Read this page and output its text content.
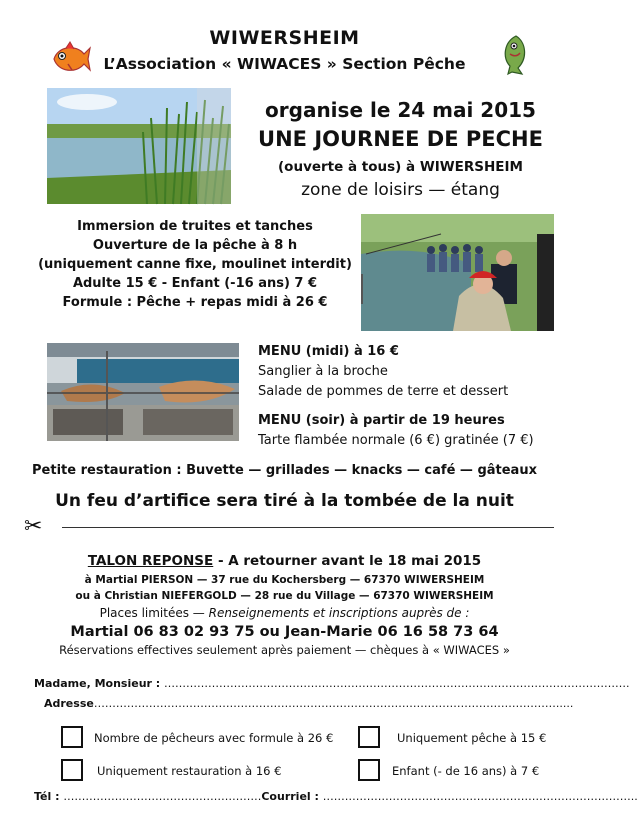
WIWERSHEIM
L’Association « WIWACES » Section Pêche
organise le 24 mai 2015
UNE JOURNEE DE PECHE
(ouverte à tous) à WIWERSHEIM
zone de loisirs — étang
Immersion de truites et tanches
Ouverture de la pêche à 8 h
(uniquement canne fixe, moulinet interdit)
Adulte 15 € - Enfant (-16 ans) 7 €
Formule : Pêche + repas midi à 26 €
MENU (midi) à 16 €
Sanglier à la broche
Salade de pommes de terre et dessert
MENU (soir) à partir de 19 heures
Tarte flambée normale (6 €) gratinée (7 €)
Petite restauration : Buvette — grillades — knacks — café — gâteaux
Un feu d’artifice sera tiré à la tombée de la nuit
✂
TALON REPONSE - A retourner avant le 18 mai 2015
à Martial PIERSON — 37 rue du Kochersberg — 67370 WIWERSHEIM
ou à Christian NIEFERGOLD — 28 rue du Village — 67370 WIWERSHEIM
Places limitées — Renseignements et inscriptions auprès de :
Martial 06 83 02 93 75 ou Jean-Marie 06 16 58 73 64
Réservations effectives seulement après paiement — chèques à « WIWACES »
Madame, Monsieur : ……………………………………………………………………………………………………………….
Adresse……………………………………………………………………………………………………………….....
Nombre de pêcheurs avec formule à 26 €	Uniquement pêche à 15 €
Uniquement restauration à 16 €	Enfant (- de 16 ans) à 7 €
Tél : ………………………………………………Courriel : …………………………………………………………………………..
